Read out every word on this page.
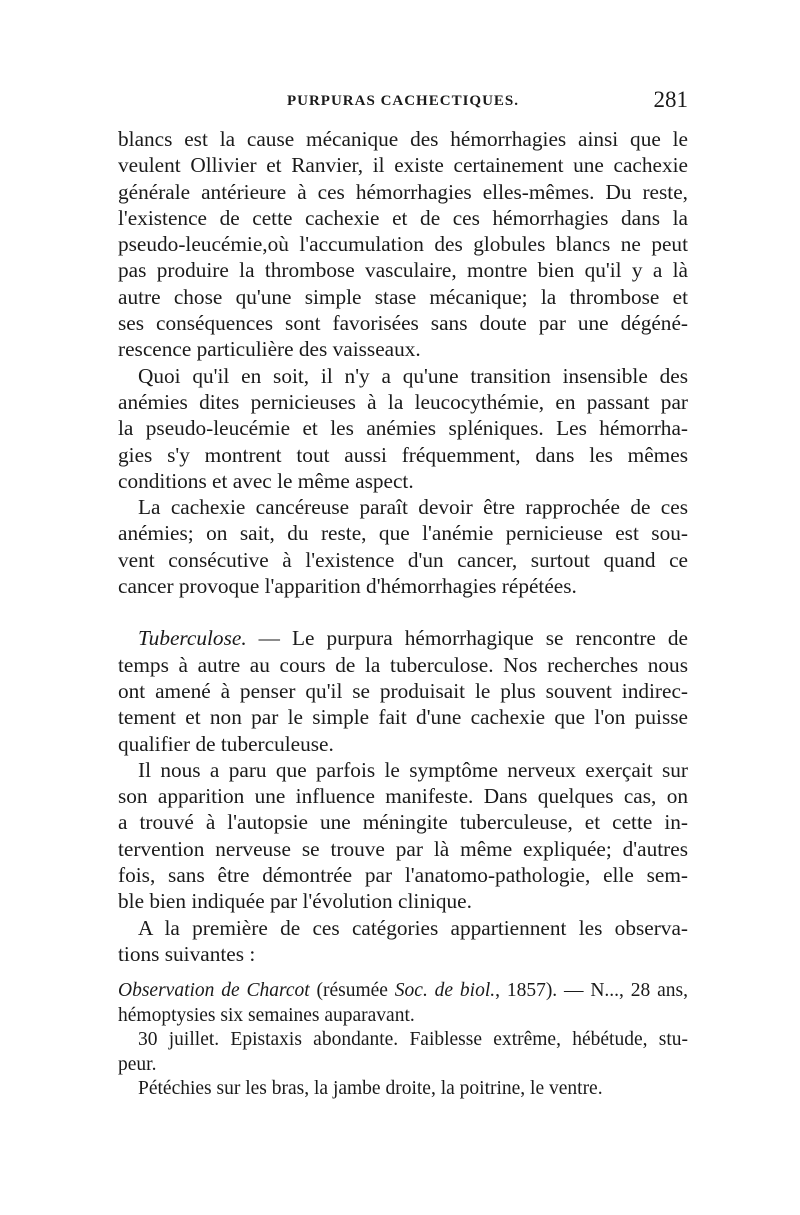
PURPURAS CACHECTIQUES.	281
blancs est la cause mécanique des hémorrhagies ainsi que le
veulent Ollivier et Ranvier, il existe certainement une cachexie
générale antérieure à ces hémorrhagies elles-mêmes. Du reste,
l'existence de cette cachexie et de ces hémorrhagies dans la
pseudo-leucémie,où l'accumulation des globules blancs ne peut
pas produire la thrombose vasculaire, montre bien qu'il y a là
autre chose qu'une simple stase mécanique; la thrombose et
ses conséquences sont favorisées sans doute par une dégéné-
rescence particulière des vaisseaux.
Quoi qu'il en soit, il n'y a qu'une transition insensible des
anémies dites pernicieuses à la leucocythémie, en passant par
la pseudo-leucémie et les anémies spléniques. Les hémorrha-
gies s'y montrent tout aussi fréquemment, dans les mêmes
conditions et avec le même aspect.
La cachexie cancéreuse paraît devoir être rapprochée de ces
anémies; on sait, du reste, que l'anémie pernicieuse est sou-
vent consécutive à l'existence d'un cancer, surtout quand ce
cancer provoque l'apparition d'hémorrhagies répétées.
Tuberculose. — Le purpura hémorrhagique se rencontre de
temps à autre au cours de la tuberculose. Nos recherches nous
ont amené à penser qu'il se produisait le plus souvent indirec-
tement et non par le simple fait d'une cachexie que l'on puisse
qualifier de tuberculeuse.
Il nous a paru que parfois le symptôme nerveux exerçait sur
son apparition une influence manifeste. Dans quelques cas, on
a trouvé à l'autopsie une méningite tuberculeuse, et cette in-
tervention nerveuse se trouve par là même expliquée; d'autres
fois, sans être démontrée par l'anatomo-pathologie, elle sem-
ble bien indiquée par l'évolution clinique.
A la première de ces catégories appartiennent les observa-
tions suivantes :
Observation de Charcot (résumée Soc. de biol., 1857). — N..., 28 ans,
hémoptysies six semaines auparavant.
30 juillet. Epistaxis abondante. Faiblesse extrême, hébétude, stu-
peur.
Pétéchies sur les bras, la jambe droite, la poitrine, le ventre.
